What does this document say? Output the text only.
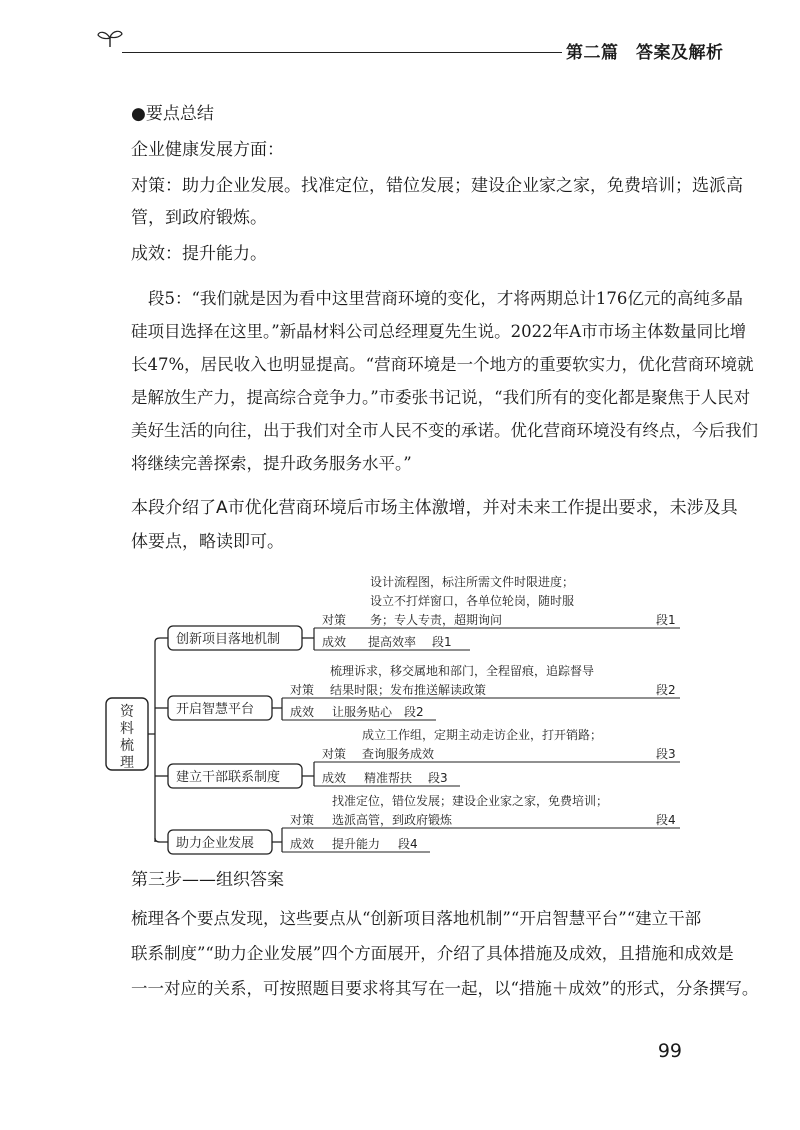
第二篇　答案及解析
●要点总结
企业健康发展方面：
对策：助力企业发展。找准定位，错位发展；建设企业家之家，免费培训；选派高
管，到政府锻炼。
成效：提升能力。
段5：“我们就是因为看中这里营商环境的变化，才将两期总计176亿元的高纯多晶
硅项目选择在这里。”新晶材料公司总经理夏先生说。2022年A市市场主体数量同比增
长47%，居民收入也明显提高。“营商环境是一个地方的重要软实力，优化营商环境就
是解放生产力，提高综合竞争力。”市委张书记说，“我们所有的变化都是聚焦于人民对
美好生活的向往，出于我们对全市人民不变的承诺。优化营商环境没有终点，今后我们
将继续完善探索，提升政务服务水平。”
本段介绍了A市优化营商环境后市场主体激增，并对未来工作提出要求，未涉及具
体要点，略读即可。
资
料
梳
理
创新项目落地机制
对策
设计流程图，标注所需文件时限进度；
设立不打烊窗口，各单位轮岗，随时服
务；专人专责，超期询问	段1
成效 提高效率 段1
开启智慧平台
对策
梳理诉求，移交属地和部门，全程留痕，追踪督导
结果时限；发布推送解读政策	段2
成效 让服务贴心 段2
建立干部联系制度
对策
成立工作组，定期主动走访企业，打开销路；
查询服务成效	段3
成效 精准帮扶 段3
助力企业发展
对策
找准定位，错位发展；建设企业家之家，免费培训；
选派高管，到政府锻炼	段4
成效 提升能力 段4
第三步——组织答案
梳理各个要点发现，这些要点从“创新项目落地机制”“开启智慧平台”“建立干部
联系制度”“助力企业发展”四个方面展开，介绍了具体措施及成效，且措施和成效是
一一对应的关系，可按照题目要求将其写在一起，以“措施＋成效”的形式，分条撰写。
99
